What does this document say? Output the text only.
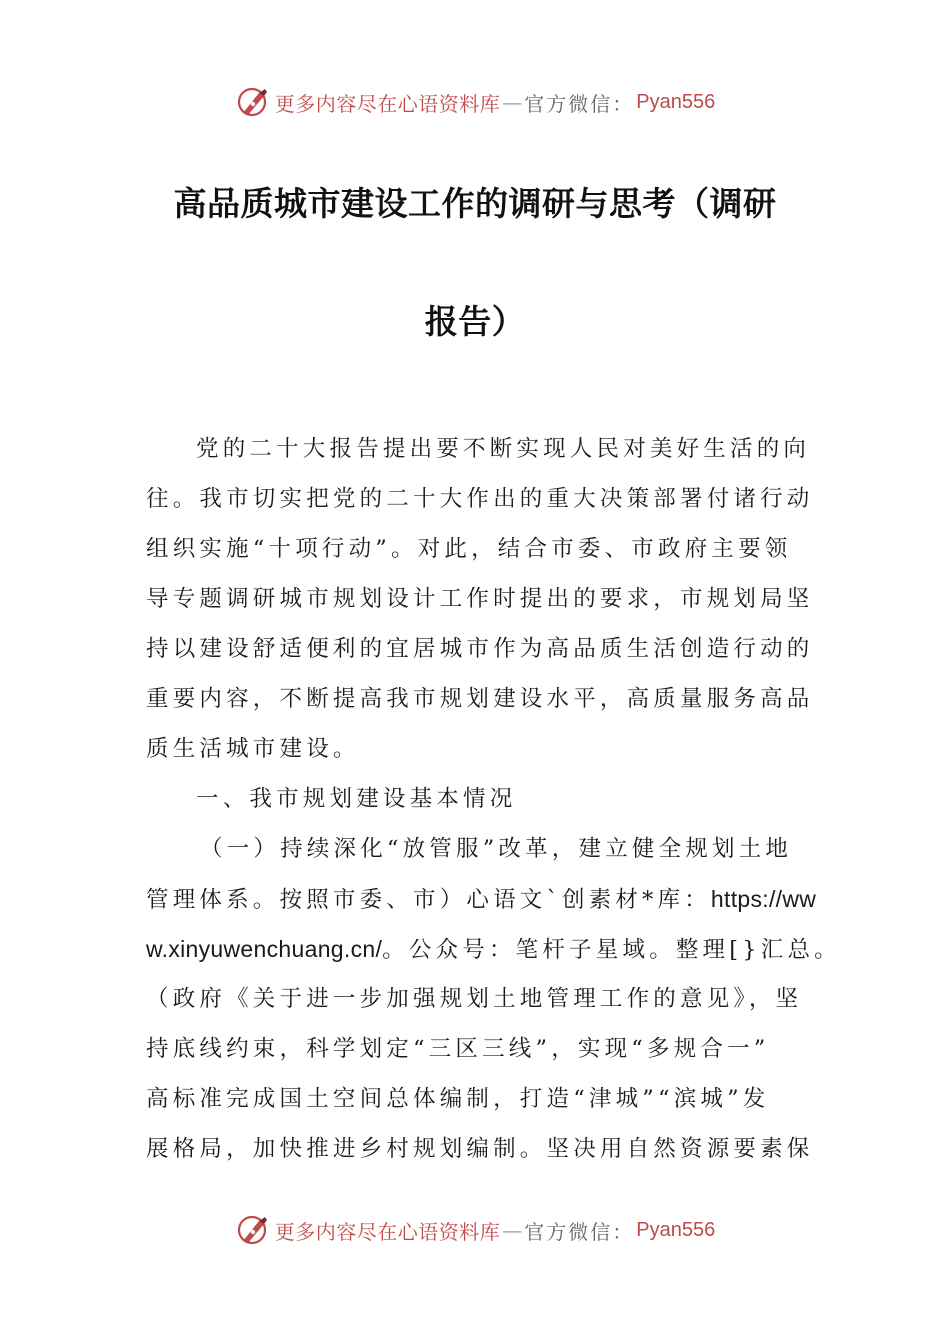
更多内容尽在心语资料库 — 官方微信： Pyan556
高品质城市建设工作的调研与思考（调研
报告）
党的二十大报告提出要不断实现人民对美好生活的向
往。我市切实把党的二十大作出的重大决策部署付诸行动
组织实施“十项行动”。对此，结合市委、市政府主要领
导专题调研城市规划设计工作时提出的要求，市规划局坚
持以建设舒适便利的宜居城市作为高品质生活创造行动的
重要内容，不断提高我市规划建设水平，高质量服务高品
质生活城市建设。
一、我市规划建设基本情况
（一）持续深化“放管服”改革，建立健全规划土地
管理体系。按照市委、市）心语文`创素材*库：https://ww
w.xinyuwenchuang.cn/。公众号：笔杆子星域。整理[}汇总。
（政府《关于进一步加强规划土地管理工作的意见》，坚
持底线约束，科学划定“三区三线”，实现“多规合一”
高标准完成国土空间总体编制，打造“津城”“滨城”发
展格局，加快推进乡村规划编制。坚决用自然资源要素保
更多内容尽在心语资料库 — 官方微信： Pyan556
